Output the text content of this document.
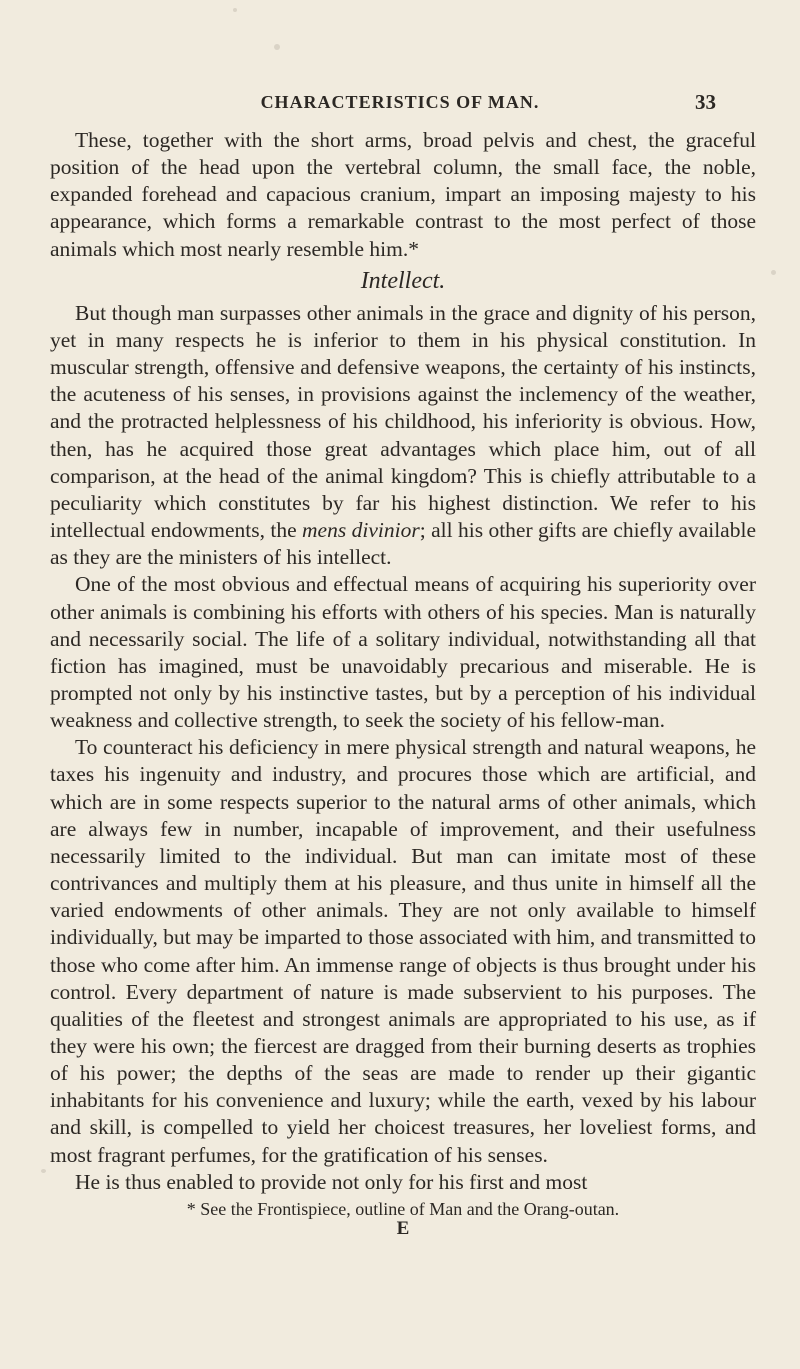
CHARACTERISTICS OF MAN.	33

These, together with the short arms, broad pelvis and chest, the graceful position of the head upon the vertebral column, the small face, the noble, expanded forehead and capacious cranium, impart an imposing majesty to his appearance, which forms a remarkable contrast to the most perfect of those animals which most nearly resemble him.*

Intellect.

But though man surpasses other animals in the grace and dignity of his person, yet in many respects he is inferior to them in his physical constitution. In muscular strength, offensive and defensive weapons, the certainty of his instincts, the acuteness of his senses, in provisions against the inclemency of the weather, and the protracted helplessness of his childhood, his inferiority is obvious. How, then, has he acquired those great advantages which place him, out of all comparison, at the head of the animal kingdom? This is chiefly attributable to a peculiarity which constitutes by far his highest distinction. We refer to his intellectual endowments, the mens divinior; all his other gifts are chiefly available as they are the ministers of his intellect.

One of the most obvious and effectual means of acquiring his superiority over other animals is combining his efforts with others of his species. Man is naturally and necessarily social. The life of a solitary individual, notwithstanding all that fiction has imagined, must be unavoidably precarious and miserable. He is prompted not only by his instinctive tastes, but by a perception of his individual weakness and collective strength, to seek the society of his fellow-man.

To counteract his deficiency in mere physical strength and natural weapons, he taxes his ingenuity and industry, and procures those which are artificial, and which are in some respects superior to the natural arms of other animals, which are always few in number, incapable of improvement, and their usefulness necessarily limited to the individual. But man can imitate most of these contrivances and multiply them at his pleasure, and thus unite in himself all the varied endowments of other animals. They are not only available to himself individually, but may be imparted to those associated with him, and transmitted to those who come after him. An immense range of objects is thus brought under his control. Every department of nature is made subservient to his purposes. The qualities of the fleetest and strongest animals are appropriated to his use, as if they were his own; the fiercest are dragged from their burning deserts as trophies of his power; the depths of the seas are made to render up their gigantic inhabitants for his convenience and luxury; while the earth, vexed by his labour and skill, is compelled to yield her choicest treasures, her loveliest forms, and most fragrant perfumes, for the gratification of his senses.

He is thus enabled to provide not only for his first and most

* See the Frontispiece, outline of Man and the Orang-outan.

E
